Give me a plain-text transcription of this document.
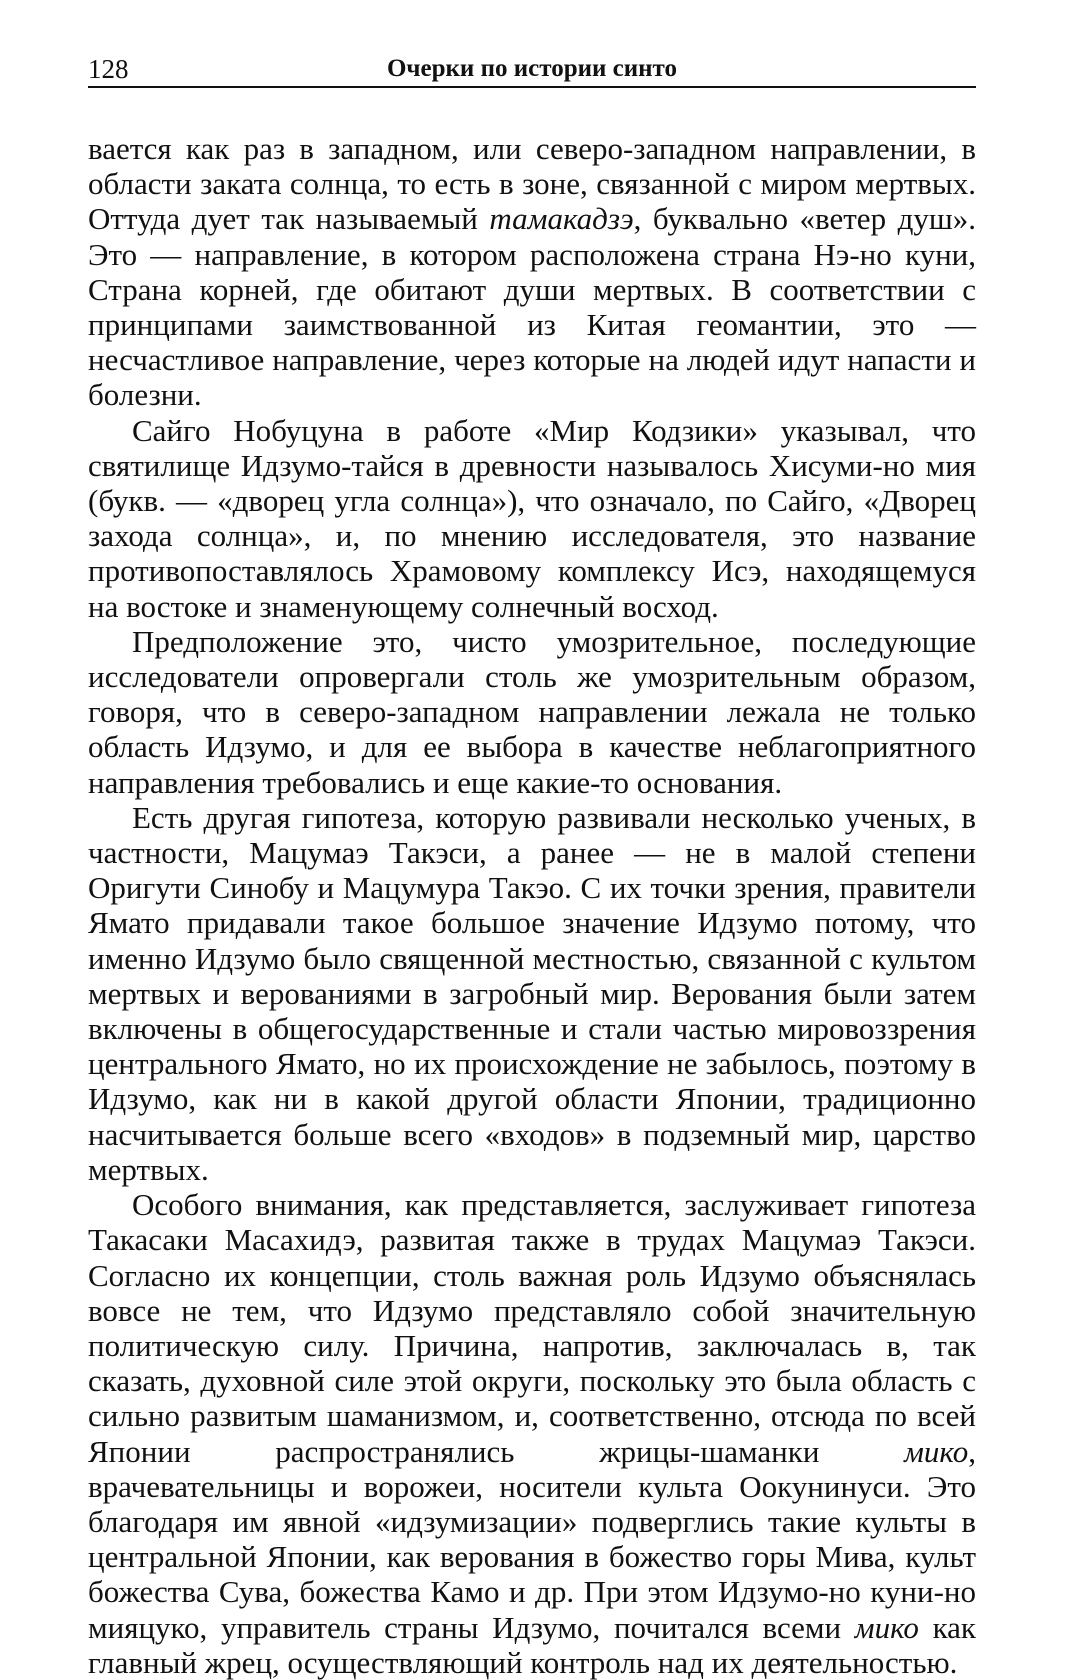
128	Очерки по истории синто

вается как раз в западном, или северо-западном направлении, в области заката солнца, то есть в зоне, связанной с миром мертвых. Оттуда дует так называемый тамакадзэ, буквально «ветер душ». Это — направление, в котором расположена страна Нэ-но куни, Страна корней, где обитают души мертвых. В соответствии с принципами заимствованной из Китая геомантии, это — несчастливое направление, через которые на людей идут напасти и болезни.

Сайго Нобуцуна в работе «Мир Кодзики» указывал, что святилище Идзумо-тайся в древности называлось Хисуми-но мия (букв. — «дворец угла солнца»), что означало, по Сайго, «Дворец захода солнца», и, по мнению исследователя, это название противопоставлялось Храмовому комплексу Исэ, находящемуся на востоке и знаменующему солнечный восход.

Предположение это, чисто умозрительное, последующие исследователи опровергали столь же умозрительным образом, говоря, что в северо-западном направлении лежала не только область Идзумо, и для ее выбора в качестве неблагоприятного направления требовались и еще какие-то основания.

Есть другая гипотеза, которую развивали несколько ученых, в частности, Мацумаэ Такэси, а ранее — не в малой степени Оригути Синобу и Мацумура Такэо. С их точки зрения, правители Ямато придавали такое большое значение Идзумо потому, что именно Идзумо было священной местностью, связанной с культом мертвых и верованиями в загробный мир. Верования были затем включены в общегосударственные и стали частью мировоззрения центрального Ямато, но их происхождение не забылось, поэтому в Идзумо, как ни в какой другой области Японии, традиционно насчитывается больше всего «входов» в подземный мир, царство мертвых.

Особого внимания, как представляется, заслуживает гипотеза Такасаки Масахидэ, развитая также в трудах Мацумаэ Такэси. Согласно их концепции, столь важная роль Идзумо объяснялась вовсе не тем, что Идзумо представляло собой значительную политическую силу. Причина, напротив, заключалась в, так сказать, духовной силе этой округи, поскольку это была область с сильно развитым шаманизмом, и, соответственно, отсюда по всей Японии распространялись жрицы-шаманки мико, врачевательницы и ворожеи, носители культа Оокунинуси. Это благодаря им явной «идзумизации» подверглись такие культы в центральной Японии, как верования в божество горы Мива, культ божества Сува, божества Камо и др. При этом Идзумо-но куни-но мияцуко, управитель страны Идзумо, почитался всеми мико как главный жрец, осуществляющий контроль над их деятельностью.
